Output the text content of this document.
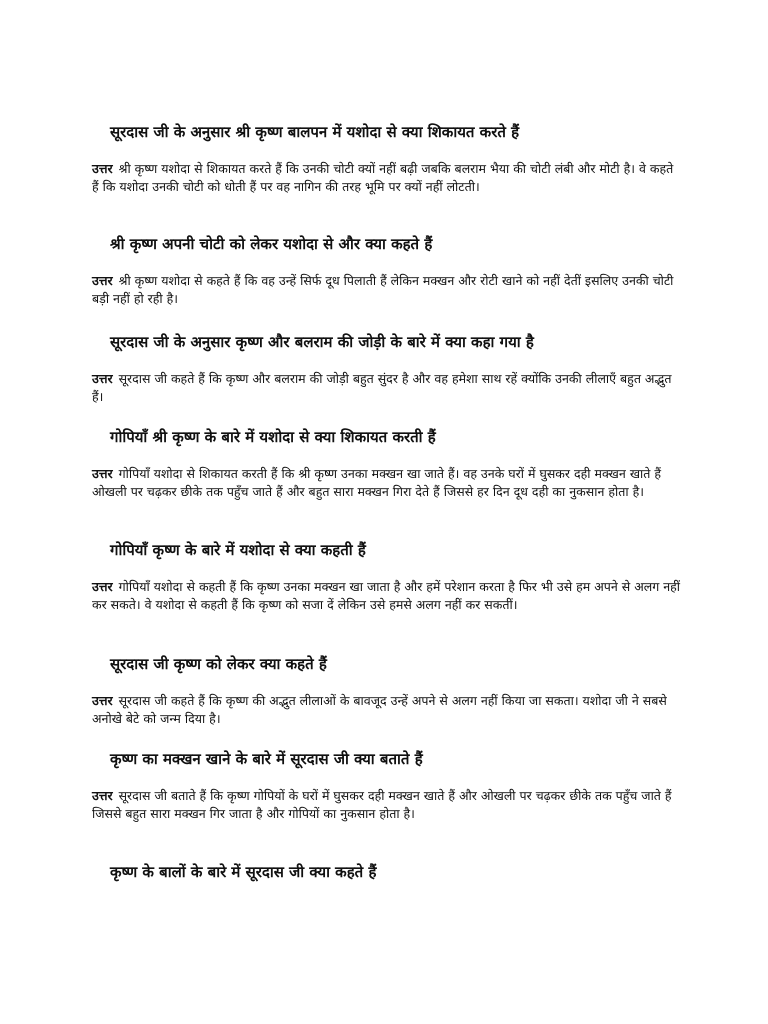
सूरदास जी के अनुसार श्री कृष्ण बालपन में यशोदा से क्या शिकायत करते हैं

उत्तर श्री कृष्ण यशोदा से शिकायत करते हैं कि उनकी चोटी क्यों नहीं बढ़ी जबकि बलराम भैया की चोटी लंबी और मोटी है। वे कहते हैं कि यशोदा उनकी चोटी को धोती हैं पर वह नागिन की तरह भूमि पर क्यों नहीं लोटती।

श्री कृष्ण अपनी चोटी को लेकर यशोदा से और क्या कहते हैं

उत्तर श्री कृष्ण यशोदा से कहते हैं कि वह उन्हें सिर्फ दूध पिलाती हैं लेकिन मक्खन और रोटी खाने को नहीं देतीं इसलिए उनकी चोटी बड़ी नहीं हो रही है।

सूरदास जी के अनुसार कृष्ण और बलराम की जोड़ी के बारे में क्या कहा गया है

उत्तर सूरदास जी कहते हैं कि कृष्ण और बलराम की जोड़ी बहुत सुंदर है और वह हमेशा साथ रहें क्योंकि उनकी लीलाएँ बहुत अद्भुत हैं।

गोपियाँ श्री कृष्ण के बारे में यशोदा से क्या शिकायत करती हैं

उत्तर गोपियाँ यशोदा से शिकायत करती हैं कि श्री कृष्ण उनका मक्खन खा जाते हैं। वह उनके घरों में घुसकर दही मक्खन खाते हैं ओखली पर चढ़कर छीके तक पहुँच जाते हैं और बहुत सारा मक्खन गिरा देते हैं जिससे हर दिन दूध दही का नुकसान होता है।

गोपियाँ कृष्ण के बारे में यशोदा से क्या कहती हैं

उत्तर गोपियाँ यशोदा से कहती हैं कि कृष्ण उनका मक्खन खा जाता है और हमें परेशान करता है फिर भी उसे हम अपने से अलग नहीं कर सकते। वे यशोदा से कहती हैं कि कृष्ण को सजा दें लेकिन उसे हमसे अलग नहीं कर सकतीं।

सूरदास जी कृष्ण को लेकर क्या कहते हैं

उत्तर सूरदास जी कहते हैं कि कृष्ण की अद्भुत लीलाओं के बावजूद उन्हें अपने से अलग नहीं किया जा सकता। यशोदा जी ने सबसे अनोखे बेटे को जन्म दिया है।

कृष्ण का मक्खन खाने के बारे में सूरदास जी क्या बताते हैं

उत्तर सूरदास जी बताते हैं कि कृष्ण गोपियों के घरों में घुसकर दही मक्खन खाते हैं और ओखली पर चढ़कर छीके तक पहुँच जाते हैं जिससे बहुत सारा मक्खन गिर जाता है और गोपियों का नुकसान होता है।

कृष्ण के बालों के बारे में सूरदास जी क्या कहते हैं
